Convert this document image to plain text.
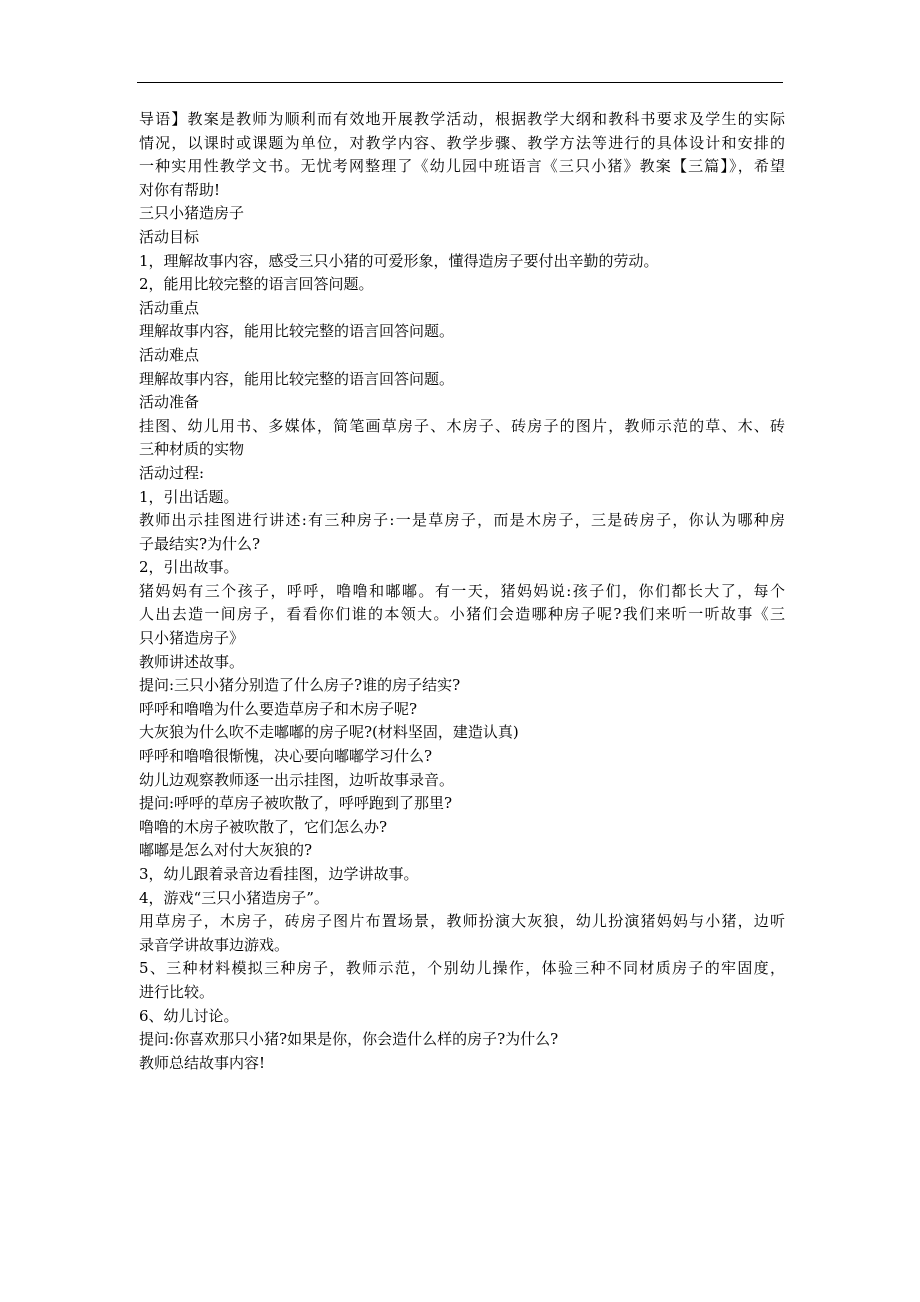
导语】教案是教师为顺利而有效地开展教学活动，根据教学大纲和教科书要求及学生的实际
情况，以课时或课题为单位，对教学内容、教学步骤、教学方法等进行的具体设计和安排的
一种实用性教学文书。无忧考网整理了《幼儿园中班语言《三只小猪》教案【三篇】》，希望
对你有帮助!
三只小猪造房子
活动目标
1，理解故事内容，感受三只小猪的可爱形象，懂得造房子要付出辛勤的劳动。
2，能用比较完整的语言回答问题。
活动重点
理解故事内容，能用比较完整的语言回答问题。
活动难点
理解故事内容，能用比较完整的语言回答问题。
活动准备
挂图、幼儿用书、多媒体，简笔画草房子、木房子、砖房子的图片，教师示范的草、木、砖
三种材质的实物
活动过程:
1，引出话题。
教师出示挂图进行讲述:有三种房子:一是草房子，而是木房子，三是砖房子，你认为哪种房
子最结实?为什么?
2，引出故事。
猪妈妈有三个孩子，呼呼，噜噜和嘟嘟。有一天，猪妈妈说:孩子们，你们都长大了，每个
人出去造一间房子，看看你们谁的本领大。小猪们会造哪种房子呢?我们来听一听故事《三
只小猪造房子》
教师讲述故事。
提问:三只小猪分别造了什么房子?谁的房子结实?
呼呼和噜噜为什么要造草房子和木房子呢?
大灰狼为什么吹不走嘟嘟的房子呢?(材料坚固，建造认真)
呼呼和噜噜很惭愧，决心要向嘟嘟学习什么?
幼儿边观察教师逐一出示挂图，边听故事录音。
提问:呼呼的草房子被吹散了，呼呼跑到了那里?
噜噜的木房子被吹散了，它们怎么办?
嘟嘟是怎么对付大灰狼的?
3，幼儿跟着录音边看挂图，边学讲故事。
4，游戏“三只小猪造房子”。
用草房子，木房子，砖房子图片布置场景，教师扮演大灰狼，幼儿扮演猪妈妈与小猪，边听
录音学讲故事边游戏。
5、三种材料模拟三种房子，教师示范，个别幼儿操作，体验三种不同材质房子的牢固度，
进行比较。
6、幼儿讨论。
提问:你喜欢那只小猪?如果是你，你会造什么样的房子?为什么?
教师总结故事内容!
